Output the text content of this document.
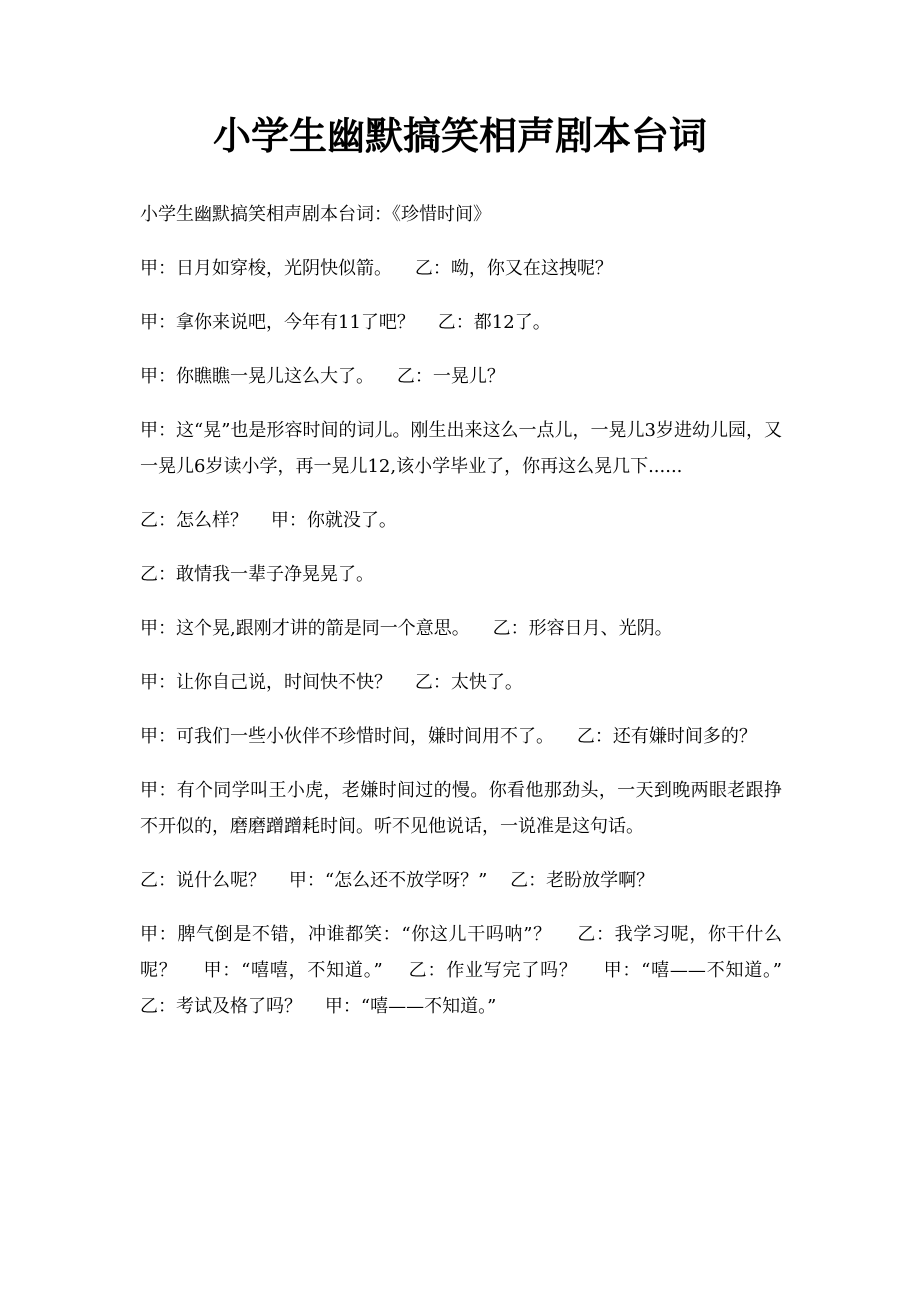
小学生幽默搞笑相声剧本台词

小学生幽默搞笑相声剧本台词：《珍惜时间》

甲：日月如穿梭，光阴快似箭。    乙：呦，你又在这拽呢？

甲：拿你来说吧，今年有11了吧？    乙：都12了。

甲：你瞧瞧一晃儿这么大了。    乙：一晃儿？

甲：这“晃”也是形容时间的词儿。刚生出来这么一点儿，一晃儿3岁进幼儿园，又一晃儿6岁读小学，再一晃儿12,该小学毕业了，你再这么晃几下......

乙：怎么样？    甲：你就没了。

乙：敢情我一辈子净晃晃了。

甲：这个晃,跟刚才讲的箭是同一个意思。    乙：形容日月、光阴。

甲：让你自己说，时间快不快？    乙：太快了。

甲：可我们一些小伙伴不珍惜时间，嫌时间用不了。    乙：还有嫌时间多的？

甲：有个同学叫王小虎，老嫌时间过的慢。你看他那劲头，一天到晚两眼老跟挣不开似的，磨磨蹭蹭耗时间。听不见他说话，一说准是这句话。

乙：说什么呢？    甲：“怎么还不放学呀？”    乙：老盼放学啊？

甲：脾气倒是不错，冲谁都笑：“你这儿干吗呐”？    乙：我学习呢，你干什么呢？    甲：“嘻嘻，不知道。”    乙：作业写完了吗？    甲：“嘻——不知道。”    乙：考试及格了吗？    甲：“嘻——不知道。”
